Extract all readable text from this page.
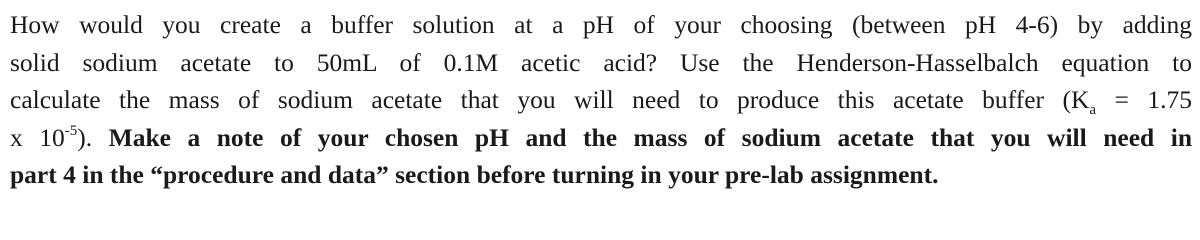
How would you create a buffer solution at a pH of your choosing (between pH 4-6) by adding
solid sodium acetate to 50mL of 0.1M acetic acid? Use the Henderson-Hasselbalch equation to
calculate the mass of sodium acetate that you will need to produce this acetate buffer ($K_a = 1.75$
x $10^{-5}$). Make a note of your chosen pH and the mass of sodium acetate that you will need in
part 4 in the “procedure and data” section before turning in your pre-lab assignment.
